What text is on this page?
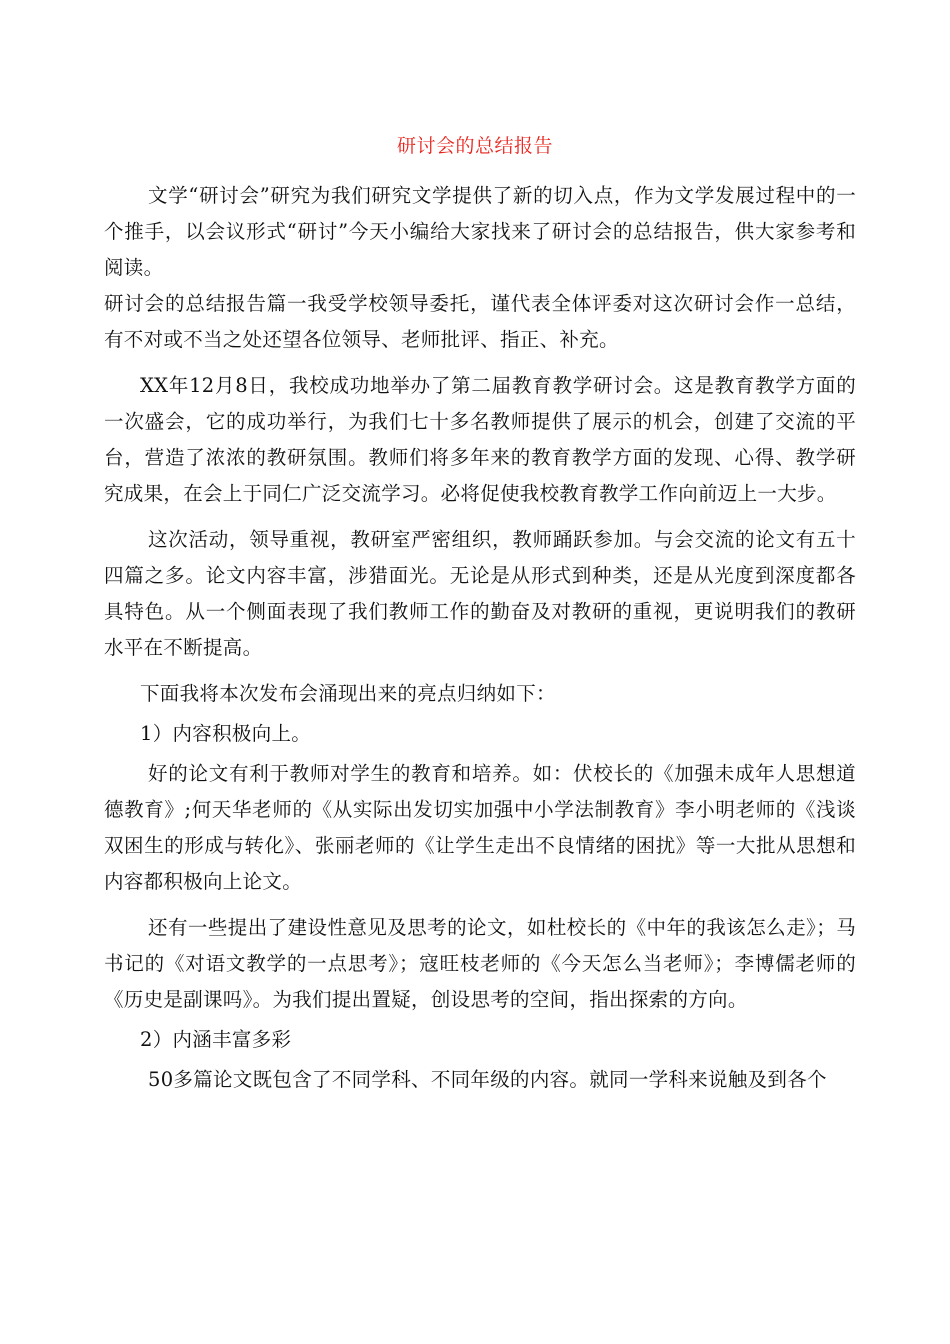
研讨会的总结报告

文学“研讨会”研究为我们研究文学提供了新的切入点，作为文学发展过程中的一个推手，以会议形式“研讨”今天小编给大家找来了研讨会的总结报告，供大家参考和阅读。

研讨会的总结报告篇一我受学校领导委托，谨代表全体评委对这次研讨会作一总结，有不对或不当之处还望各位领导、老师批评、指正、补充。

XX年12月8日，我校成功地举办了第二届教育教学研讨会。这是教育教学方面的一次盛会，它的成功举行，为我们七十多名教师提供了展示的机会，创建了交流的平台，营造了浓浓的教研氛围。教师们将多年来的教育教学方面的发现、心得、教学研究成果，在会上于同仁广泛交流学习。必将促使我校教育教学工作向前迈上一大步。

这次活动，领导重视，教研室严密组织，教师踊跃参加。与会交流的论文有五十四篇之多。论文内容丰富，涉猎面光。无论是从形式到种类，还是从光度到深度都各具特色。从一个侧面表现了我们教师工作的勤奋及对教研的重视，更说明我们的教研水平在不断提高。

下面我将本次发布会涌现出来的亮点归纳如下：

1）内容积极向上。

好的论文有利于教师对学生的教育和培养。如：伏校长的《加强未成年人思想道德教育》;何天华老师的《从实际出发切实加强中小学法制教育》李小明老师的《浅谈双困生的形成与转化》、张丽老师的《让学生走出不良情绪的困扰》等一大批从思想和内容都积极向上论文。

还有一些提出了建设性意见及思考的论文，如杜校长的《中年的我该怎么走》；马书记的《对语文教学的一点思考》；寇旺枝老师的《今天怎么当老师》；李博儒老师的《历史是副课吗》。为我们提出置疑，创设思考的空间，指出探索的方向。

2）内涵丰富多彩

50多篇论文既包含了不同学科、不同年级的内容。就同一学科来说触及到各个
